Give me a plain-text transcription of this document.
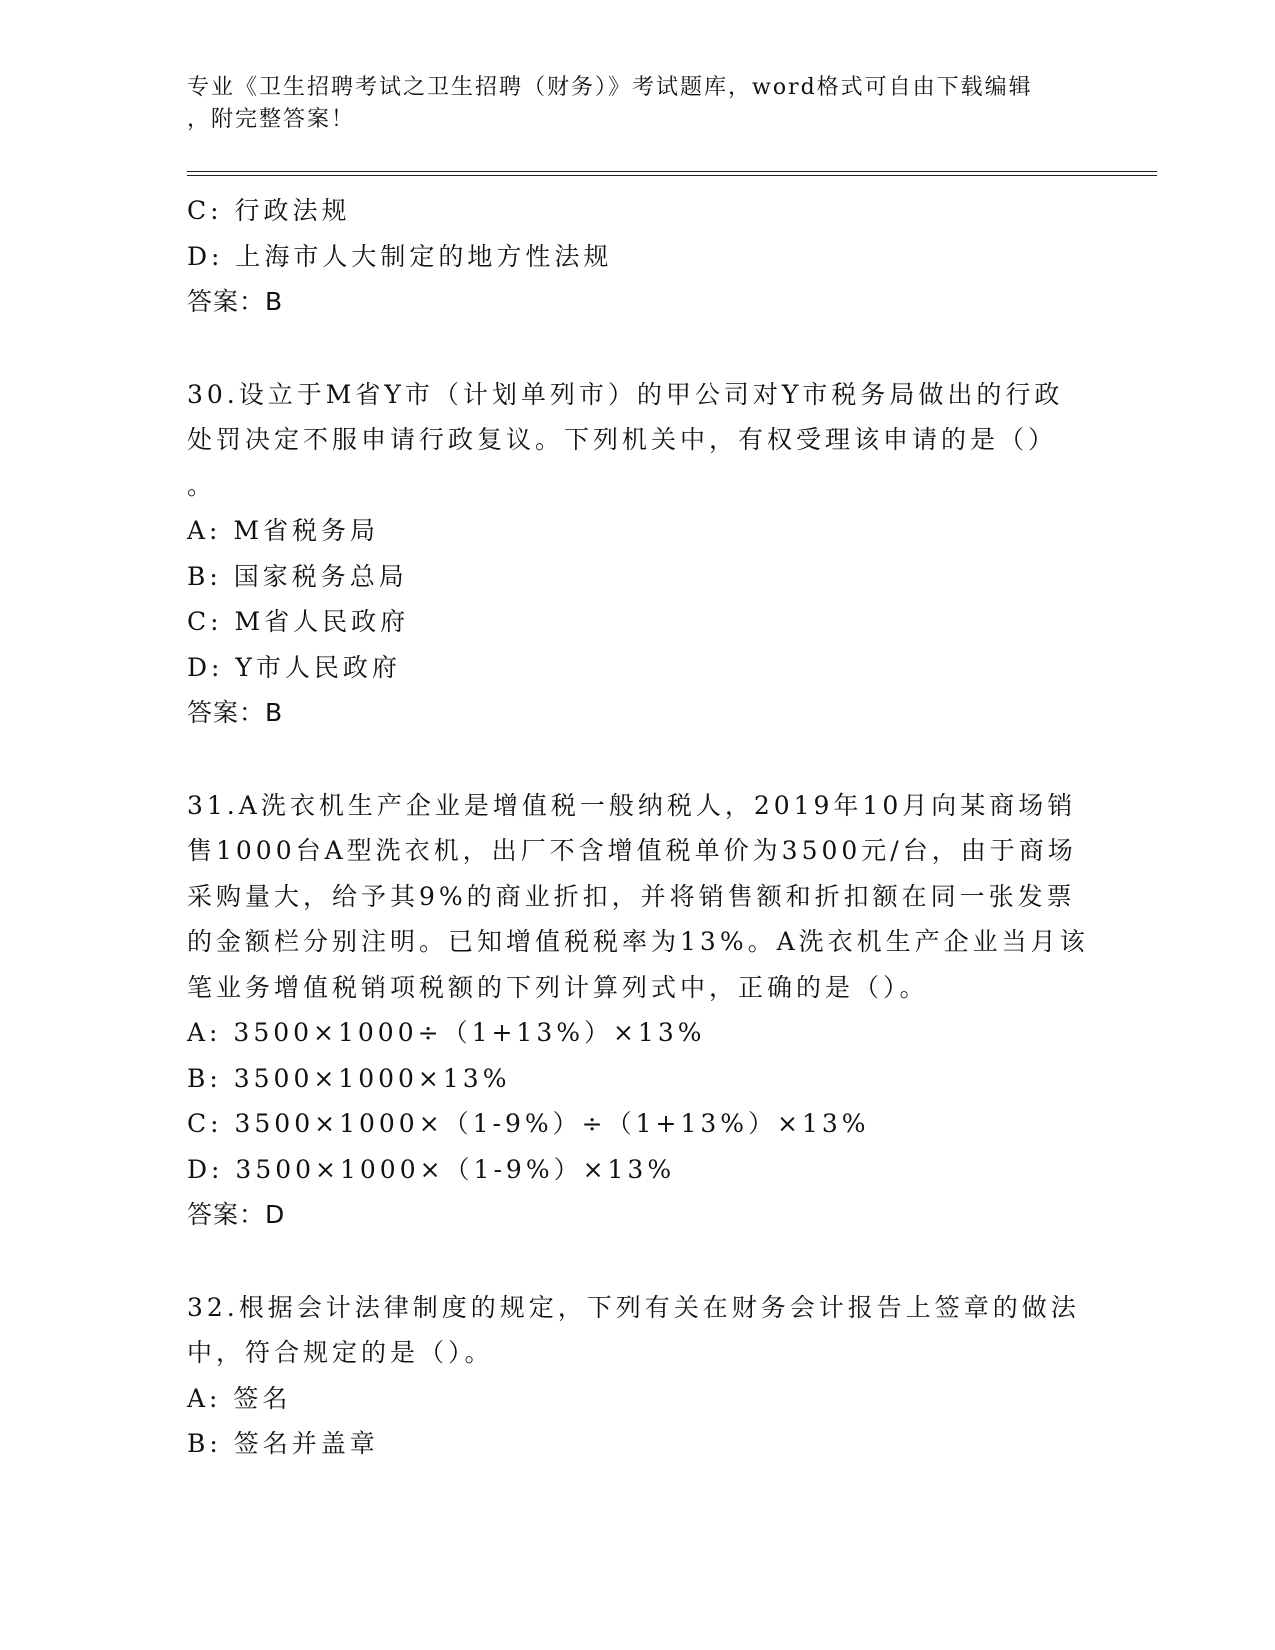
专业《卫生招聘考试之卫生招聘（财务）》考试题库，word格式可自由下载编辑
，附完整答案！
C: 行政法规
D: 上海市人大制定的地方性法规
答案：B
30.设立于M省Y市（计划单列市）的甲公司对Y市税务局做出的行政
处罚决定不服申请行政复议。下列机关中，有权受理该申请的是（）
。
A: M省税务局
B: 国家税务总局
C: M省人民政府
D: Y市人民政府
答案：B
31.A洗衣机生产企业是增值税一般纳税人，2019年10月向某商场销
售1000台A型洗衣机，出厂不含增值税单价为3500元/台，由于商场
采购量大，给予其9%的商业折扣，并将销售额和折扣额在同一张发票
的金额栏分别注明。已知增值税税率为13%。A洗衣机生产企业当月该
笔业务增值税销项税额的下列计算列式中，正确的是（）。
A: 3500×1000÷（1+13%）×13%
B: 3500×1000×13%
C: 3500×1000×（1-9%）÷（1+13%）×13%
D: 3500×1000×（1-9%）×13%
答案：D
32.根据会计法律制度的规定，下列有关在财务会计报告上签章的做法
中，符合规定的是（）。
A: 签名
B: 签名并盖章
